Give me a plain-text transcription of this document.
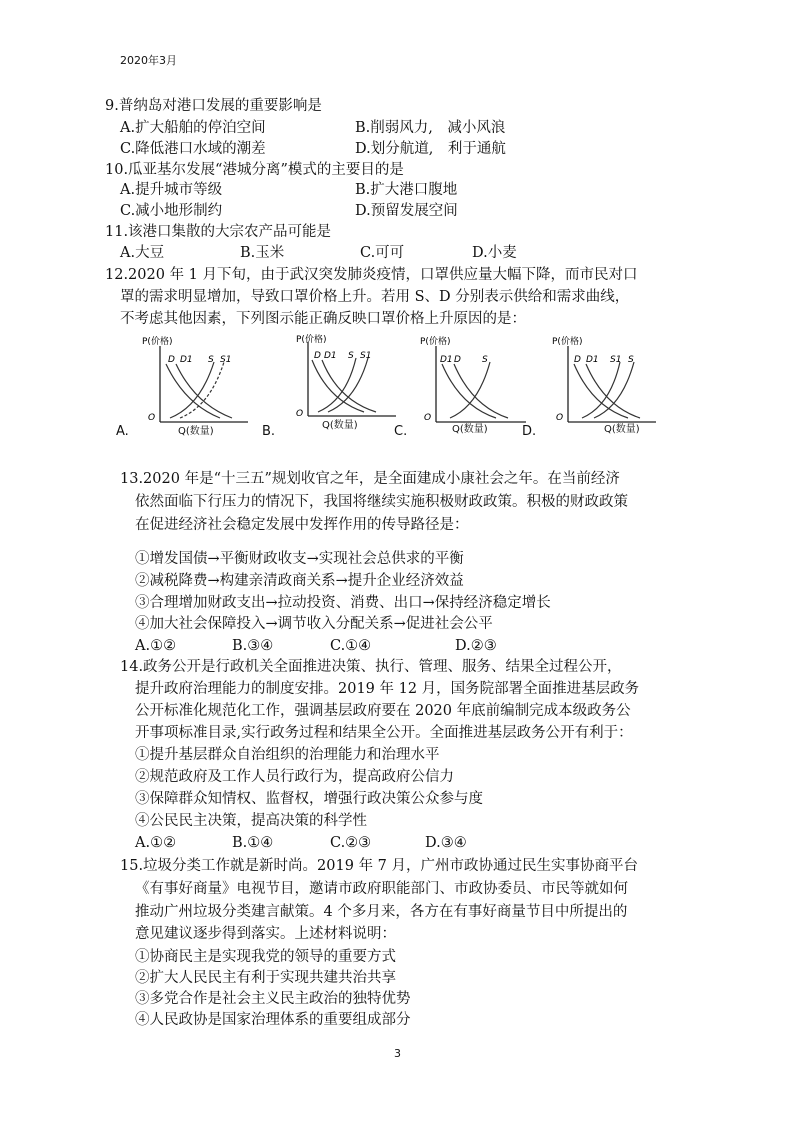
2020年3月
9.普纳岛对港口发展的重要影响是
A.扩大船舶的停泊空间	B.削弱风力,　减小风浪
C.降低港口水域的潮差	D.划分航道,　利于通航
10.瓜亚基尔发展“港城分离”模式的主要目的是
A.提升城市等级	B.扩大港口腹地
C.减小地形制约	D.预留发展空间
11.该港口集散的大宗农产品可能是
A.大豆	B.玉米	C.可可	D.小麦
12.2020 年 1 月下旬，由于武汉突发肺炎疫情，口罩供应量大幅下降，而市民对口
罩的需求明显增加，导致口罩价格上升。若用 S、D 分别表示供给和需求曲线，
不考虑其他因素，下列图示能正确反映口罩价格上升原因的是：
P(价格)
D D1 S S1
O
A.	Q(数量)
P(价格)
D D1 S S1
O
B.	Q(数量)
P(价格)
D1 D S
O
C.	Q(数量)
P(价格)
D D1 S1 S
O
D.	Q(数量)
13.2020 年是“十三五”规划收官之年，是全面建成小康社会之年。在当前经济
依然面临下行压力的情况下，我国将继续实施积极财政政策。积极的财政政策
在促进经济社会稳定发展中发挥作用的传导路径是：
①增发国债→平衡财政收支→实现社会总供求的平衡
②减税降费→构建亲清政商关系→提升企业经济效益
③合理增加财政支出→拉动投资、消费、出口→保持经济稳定增长
④加大社会保障投入→调节收入分配关系→促进社会公平
A.①②	B.③④	C.①④	D.②③
14.政务公开是行政机关全面推进决策、执行、管理、服务、结果全过程公开，
提升政府治理能力的制度安排。2019 年 12 月，国务院部署全面推进基层政务
公开标准化规范化工作，强调基层政府要在 2020 年底前编制完成本级政务公
开事项标准目录,实行政务过程和结果全公开。全面推进基层政务公开有利于：
①提升基层群众自治组织的治理能力和治理水平
②规范政府及工作人员行政行为，提高政府公信力
③保障群众知情权、监督权，增强行政决策公众参与度
④公民民主决策，提高决策的科学性
A.①②	B.①④	C.②③	D.③④
15.垃圾分类工作就是新时尚。2019 年 7 月，广州市政协通过民生实事协商平台
《有事好商量》电视节目，邀请市政府职能部门、市政协委员、市民等就如何
推动广州垃圾分类建言献策。4 个多月来，各方在有事好商量节目中所提出的
意见建议逐步得到落实。上述材料说明：
①协商民主是实现我党的领导的重要方式
②扩大人民民主有利于实现共建共治共享
③多党合作是社会主义民主政治的独特优势
④人民政协是国家治理体系的重要组成部分
3
